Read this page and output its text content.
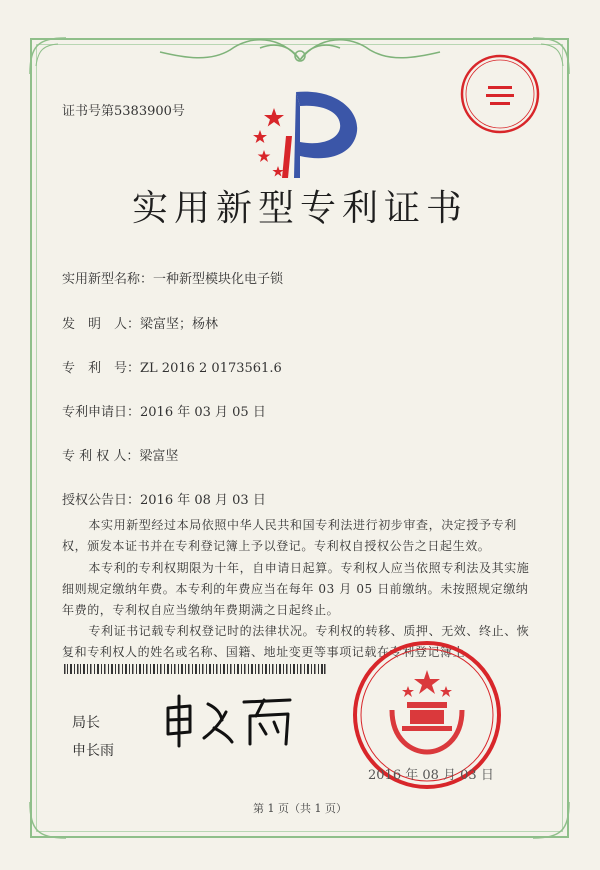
证书号第5383900号
实用新型专利证书
实用新型名称：一种新型模块化电子锁
发　明　人：梁富坚；杨林
专　利　号：ZL 2016 2 0173561.6
专利申请日：2016 年 03 月 05 日
专 利 权 人：梁富坚
授权公告日：2016 年 08 月 03 日
本实用新型经过本局依照中华人民共和国专利法进行初步审查，决定授予专利权，颁发本证书并在专利登记簿上予以登记。专利权自授权公告之日起生效。
本专利的专利权期限为十年，自申请日起算。专利权人应当依照专利法及其实施细则规定缴纳年费。本专利的年费应当在每年 03 月 05 日前缴纳。未按照规定缴纳年费的，专利权自应当缴纳年费期满之日起终止。
专利证书记载专利权登记时的法律状况。专利权的转移、质押、无效、终止、恢复和专利权人的姓名或名称、国籍、地址变更等事项记载在专利登记簿上。
局长
申长雨
2016 年 08 月 03 日
第 1 页（共 1 页）
